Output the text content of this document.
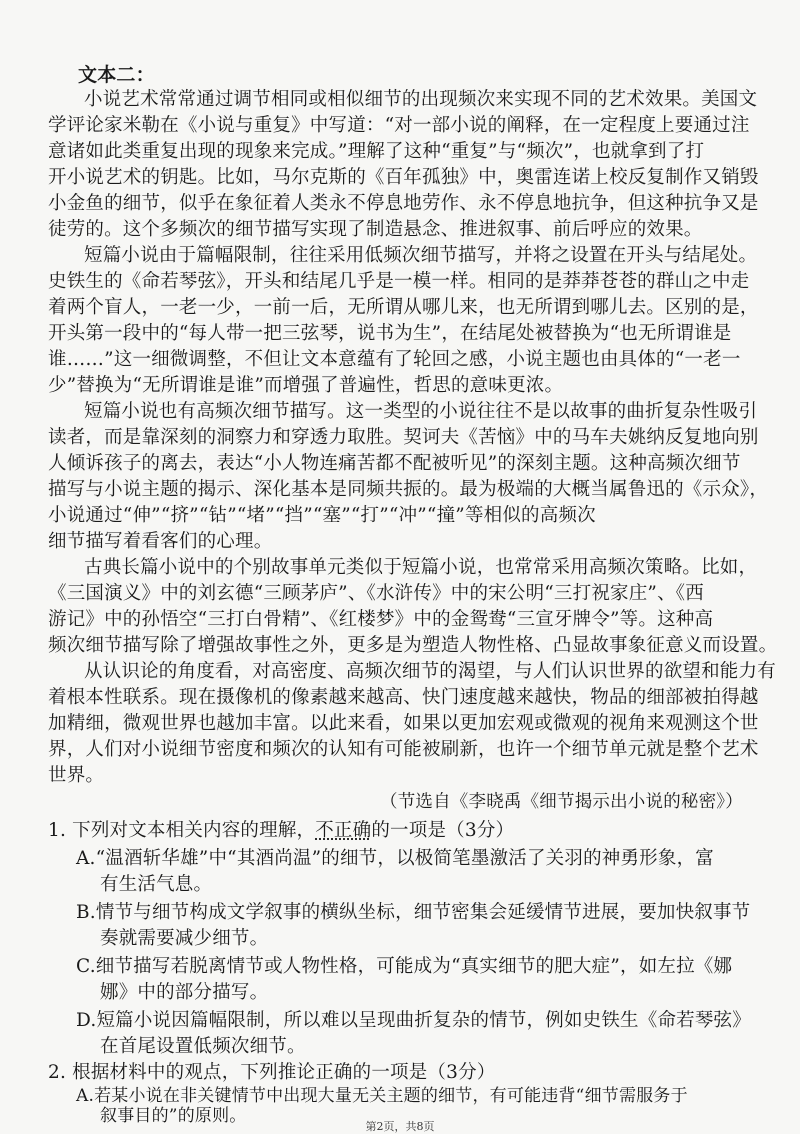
文本二：
小说艺术常常通过调节相同或相似细节的出现频次来实现不同的艺术效果。美国文
学评论家米勒在《小说与重复》中写道：“对一部小说的阐释，在一定程度上要通过注
意诸如此类重复出现的现象来完成。”理解了这种“重复”与“频次”，也就拿到了打
开小说艺术的钥匙。比如，马尔克斯的《百年孤独》中，奥雷连诺上校反复制作又销毁
小金鱼的细节，似乎在象征着人类永不停息地劳作、永不停息地抗争，但这种抗争又是
徒劳的。这个多频次的细节描写实现了制造悬念、推进叙事、前后呼应的效果。
短篇小说由于篇幅限制，往往采用低频次细节描写，并将之设置在开头与结尾处。
史铁生的《命若琴弦》，开头和结尾几乎是一模一样。相同的是莽莽苍苍的群山之中走
着两个盲人，一老一少，一前一后，无所谓从哪儿来，也无所谓到哪儿去。区别的是，
开头第一段中的“每人带一把三弦琴，说书为生”，在结尾处被替换为“也无所谓谁是
谁……”这一细微调整，不但让文本意蕴有了轮回之感，小说主题也由具体的“一老一
少”替换为“无所谓谁是谁”而增强了普遍性，哲思的意味更浓。
短篇小说也有高频次细节描写。这一类型的小说往往不是以故事的曲折复杂性吸引
读者，而是靠深刻的洞察力和穿透力取胜。契诃夫《苦恼》中的马车夫姚纳反复地向别
人倾诉孩子的离去，表达“小人物连痛苦都不配被听见”的深刻主题。这种高频次细节
描写与小说主题的揭示、深化基本是同频共振的。最为极端的大概当属鲁迅的《示众》，
小说通过“伸”“挤”“钻”“堵”“挡”“塞”“打”“冲”“撞”等相似的高频次
细节描写着看客们的心理。
古典长篇小说中的个别故事单元类似于短篇小说，也常常采用高频次策略。比如，
《三国演义》中的刘玄德“三顾茅庐”、《水浒传》中的宋公明“三打祝家庄”、《西
游记》中的孙悟空“三打白骨精”、《红楼梦》中的金鸳鸯“三宣牙牌令”等。这种高
频次细节描写除了增强故事性之外，更多是为塑造人物性格、凸显故事象征意义而设置。
从认识论的角度看，对高密度、高频次细节的渴望，与人们认识世界的欲望和能力有
着根本性联系。现在摄像机的像素越来越高、快门速度越来越快，物品的细部被拍得越
加精细，微观世界也越加丰富。以此来看，如果以更加宏观或微观的视角来观测这个世
界，人们对小说细节密度和频次的认知有可能被刷新，也许一个细节单元就是整个艺术
世界。
（节选自《李晓禹《细节揭示出小说的秘密》）
1. 下列对文本相关内容的理解，不正确的一项是（3分）
A.“温酒斩华雄”中“其酒尚温”的细节，以极简笔墨激活了关羽的神勇形象，富
有生活气息。
B.情节与细节构成文学叙事的横纵坐标，细节密集会延缓情节进展，要加快叙事节
奏就需要减少细节。
C.细节描写若脱离情节或人物性格，可能成为“真实细节的肥大症”，如左拉《娜
娜》中的部分描写。
D.短篇小说因篇幅限制，所以难以呈现曲折复杂的情节，例如史铁生《命若琴弦》
在首尾设置低频次细节。
2. 根据材料中的观点，下列推论正确的一项是（3分）
A.若某小说在非关键情节中出现大量无关主题的细节，有可能违背“细节需服务于
叙事目的”的原则。
第2页，共8页
